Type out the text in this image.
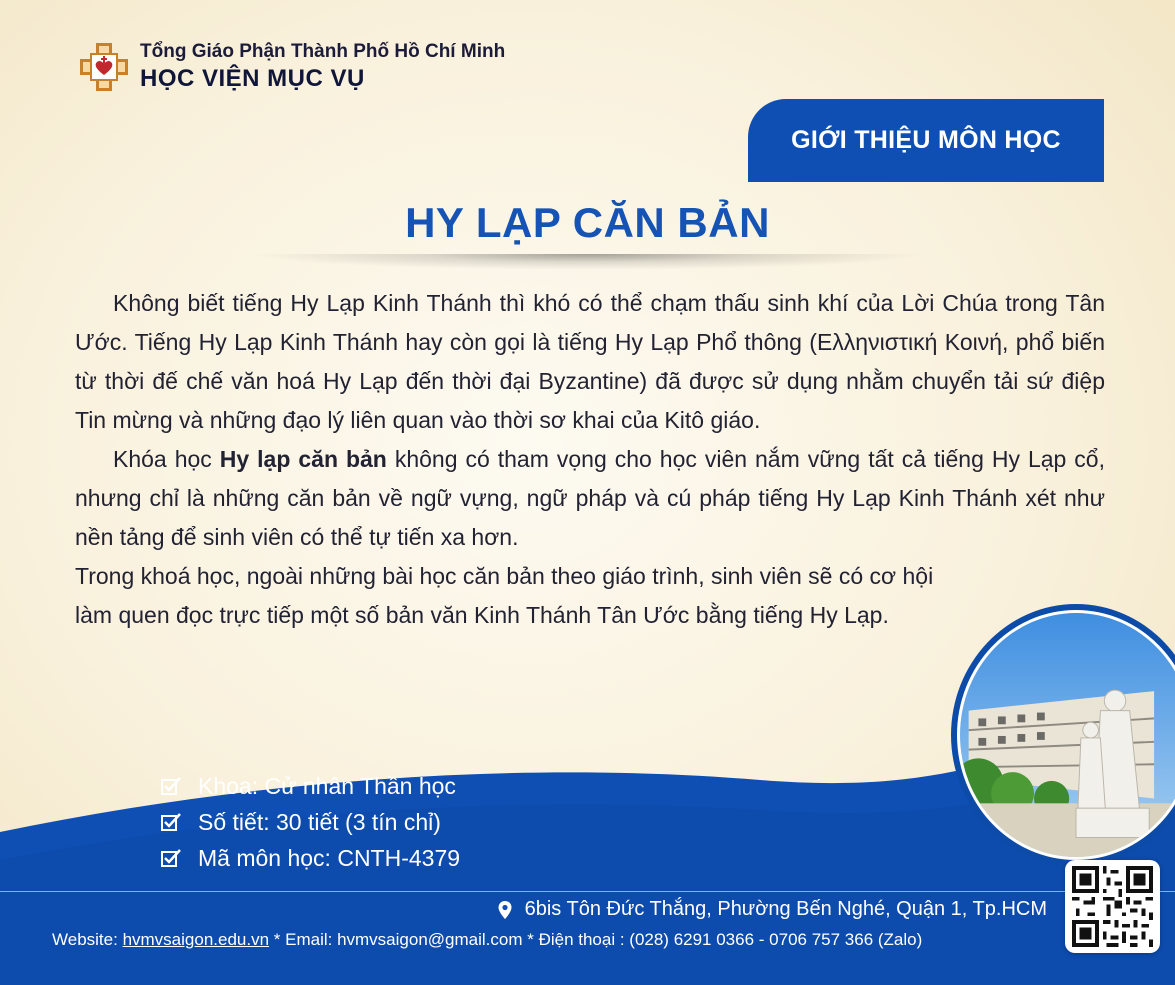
Tổng Giáo Phận Thành Phố Hồ Chí Minh
HỌC VIỆN MỤC VỤ
GIỚI THIỆU MÔN HỌC
HY LẠP CĂN BẢN

Không biết tiếng Hy Lạp Kinh Thánh thì khó có thể chạm thấu sinh khí của Lời Chúa trong Tân Ước. Tiếng Hy Lạp Kinh Thánh hay còn gọi là tiếng Hy Lạp Phổ thông (Ελληνιστική Κοινή, phổ biến từ thời đế chế văn hoá Hy Lạp đến thời đại Byzantine) đã được sử dụng nhằm chuyển tải sứ điệp Tin mừng và những đạo lý liên quan vào thời sơ khai của Kitô giáo.

Khóa học Hy lạp căn bản không có tham vọng cho học viên nắm vững tất cả tiếng Hy Lạp cổ, nhưng chỉ là những căn bản về ngữ vựng, ngữ pháp và cú pháp tiếng Hy Lạp Kinh Thánh xét như nền tảng để sinh viên có thể tự tiến xa hơn.

Trong khoá học, ngoài những bài học căn bản theo giáo trình, sinh viên sẽ có cơ hội làm quen đọc trực tiếp một số bản văn Kinh Thánh Tân Ước bằng tiếng Hy Lạp.

Khoa: Cử nhân Thần học
Số tiết: 30 tiết (3 tín chỉ)
Mã môn học: CNTH-4379
6bis Tôn Đức Thắng, Phường Bến Nghé, Quận 1, Tp.HCM
Website: hvmvsaigon.edu.vn * Email: hvmvsaigon@gmail.com * Điện thoại : (028) 6291 0366 - 0706 757 366 (Zalo)
